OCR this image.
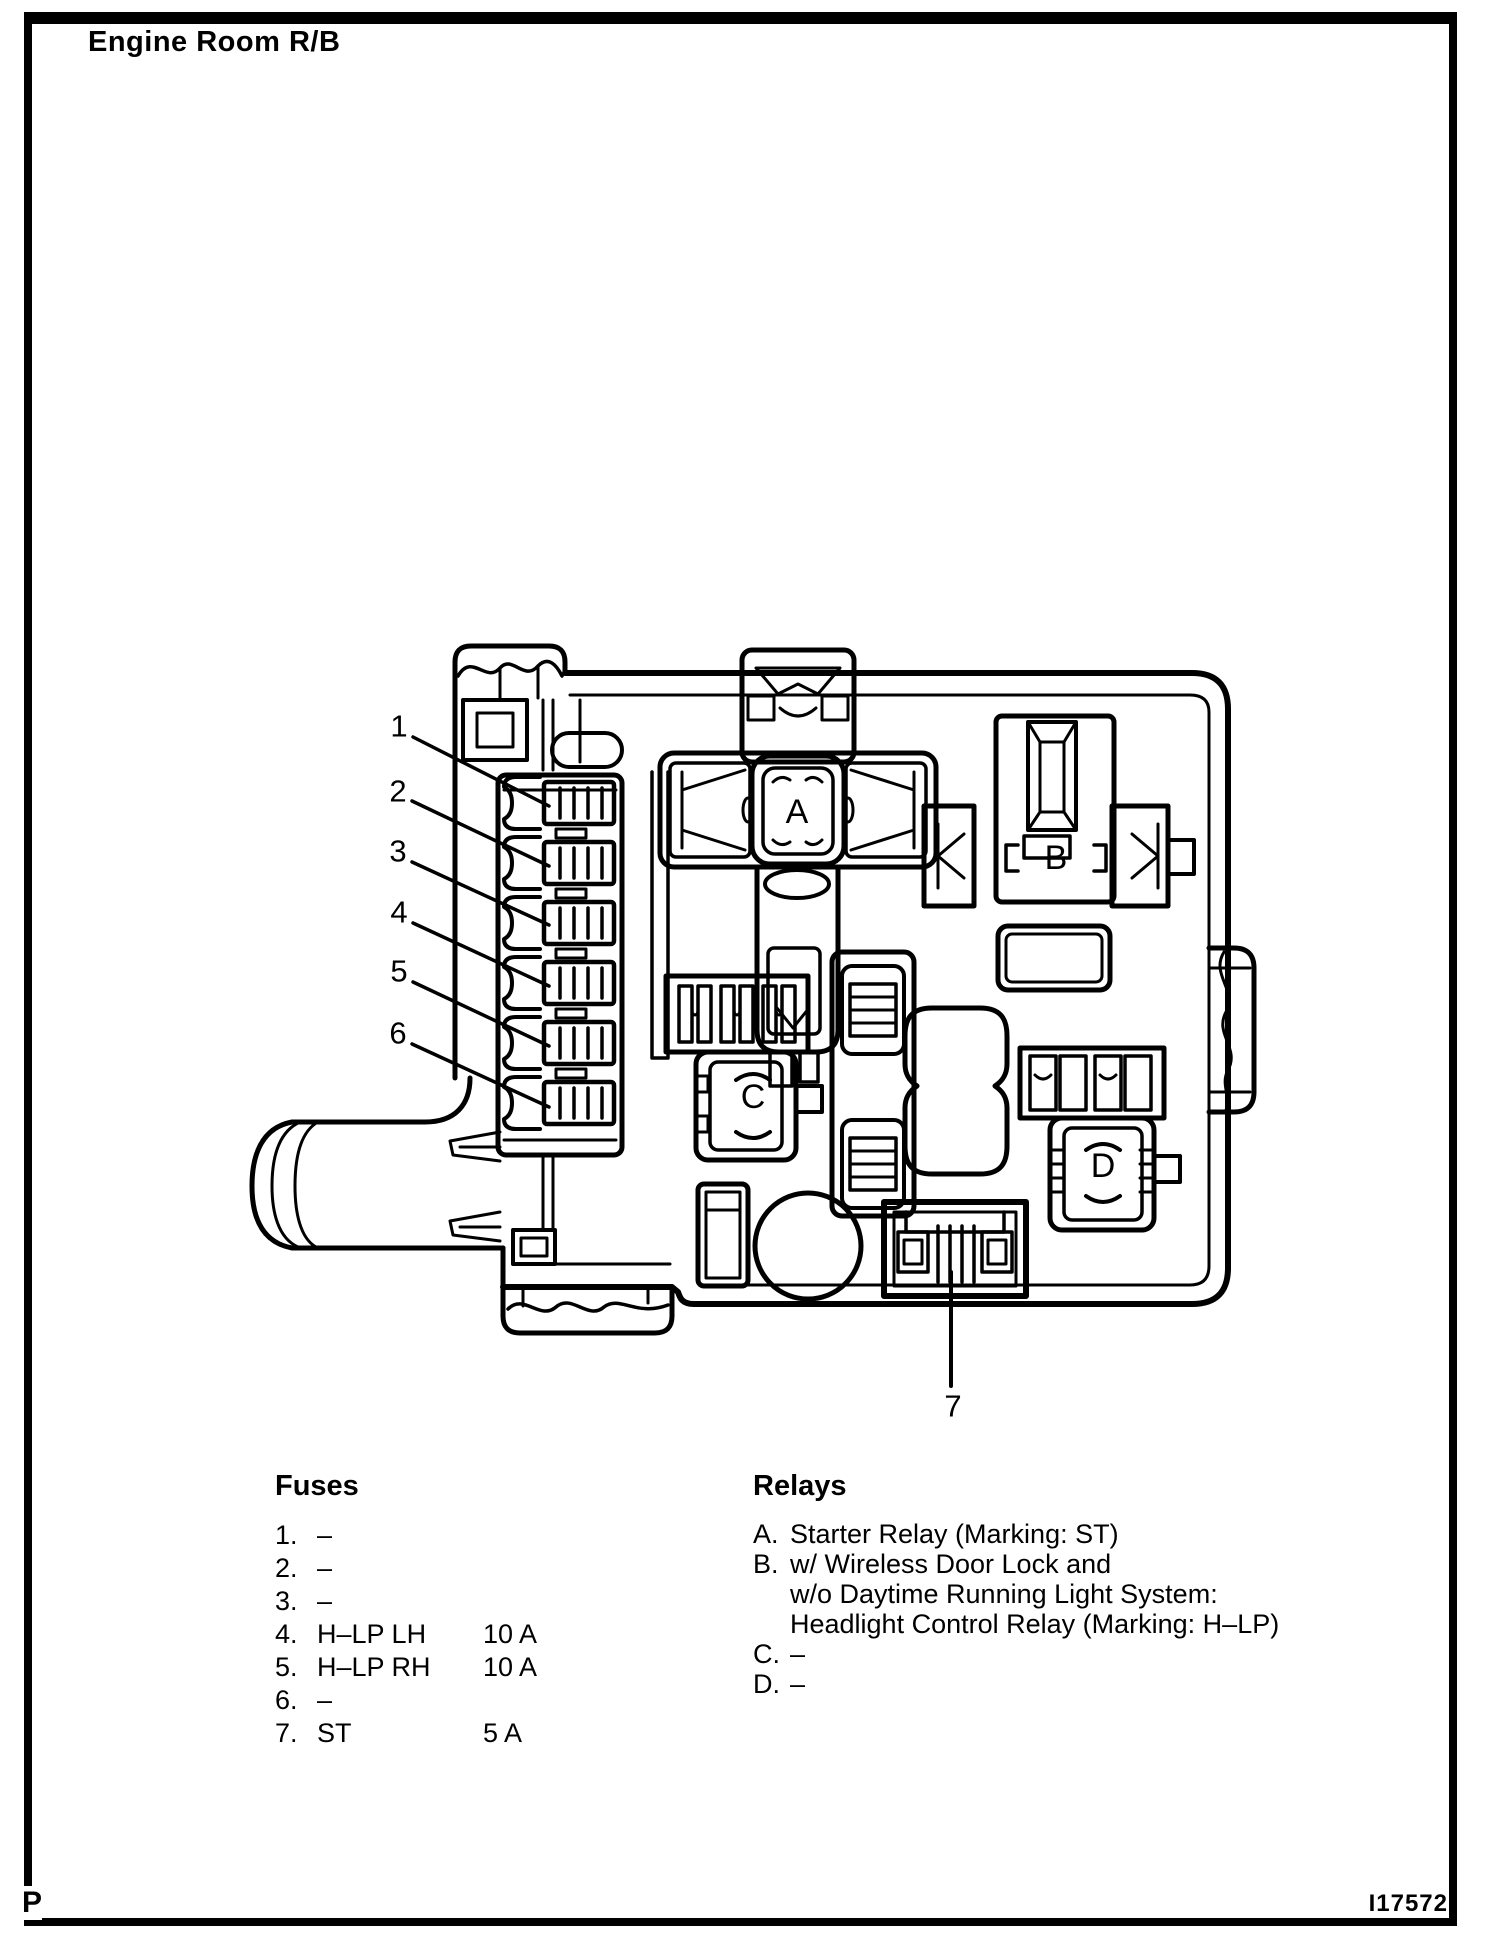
Engine Room R/B
1
2
3
4
5
6
7
A
B
C
D
Fuses
1. –
2. –
3. –
4. H–LP LH	10 A
5. H–LP RH	10 A
6. –
7. ST	5 A
Relays
A. Starter Relay (Marking: ST)
B. w/ Wireless Door Lock and
w/o Daytime Running Light System:
Headlight Control Relay (Marking: H–LP)
C. –
D. –
I17572
P
